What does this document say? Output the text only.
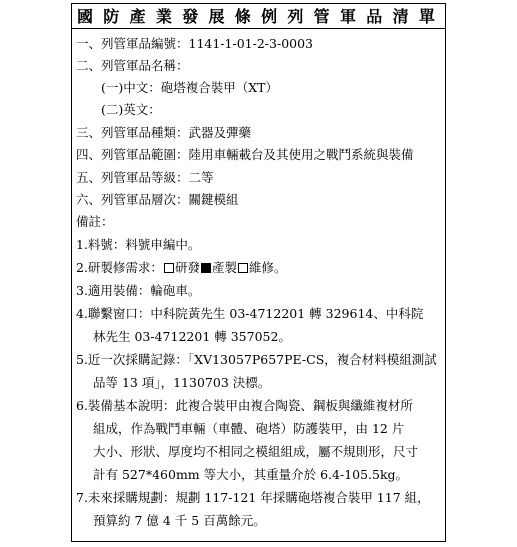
國 防 產 業 發 展 條 例 列 管 軍 品 清 單
一、列管軍品編號：1141-1-01-2-3-0003
二、列管軍品名稱：
(一)中文：砲塔複合裝甲（XT）
(二)英文：
三、列管軍品種類：武器及彈藥
四、列管軍品範圍：陸用車輛載台及其使用之戰鬥系統與裝備
五、列管軍品等級：二等
六、列管軍品層次：關鍵模組
備註：
1.料號：料號申編中。
2.研製修需求： 研發 產製 維修。
3.適用裝備：輪砲車。
4.聯繫窗口：中科院黃先生 03-4712201 轉 329614、中科院
林先生 03-4712201 轉 357052。
5.近一次採購記錄：「XV13057P657PE-CS，複合材料模組測試
品等 13 項」，1130703 決標。
6.裝備基本說明：此複合裝甲由複合陶瓷、鋼板與纖維複材所
組成，作為戰鬥車輛（車體、砲塔）防護裝甲，由 12 片
大小、形狀、厚度均不相同之模組組成，屬不規則形，尺寸
計有 527*460mm 等大小，其重量介於 6.4-105.5kg。
7.未來採購規劃：規劃 117-121 年採購砲塔複合裝甲 117 組，
預算約 7 億 4 千 5 百萬餘元。
